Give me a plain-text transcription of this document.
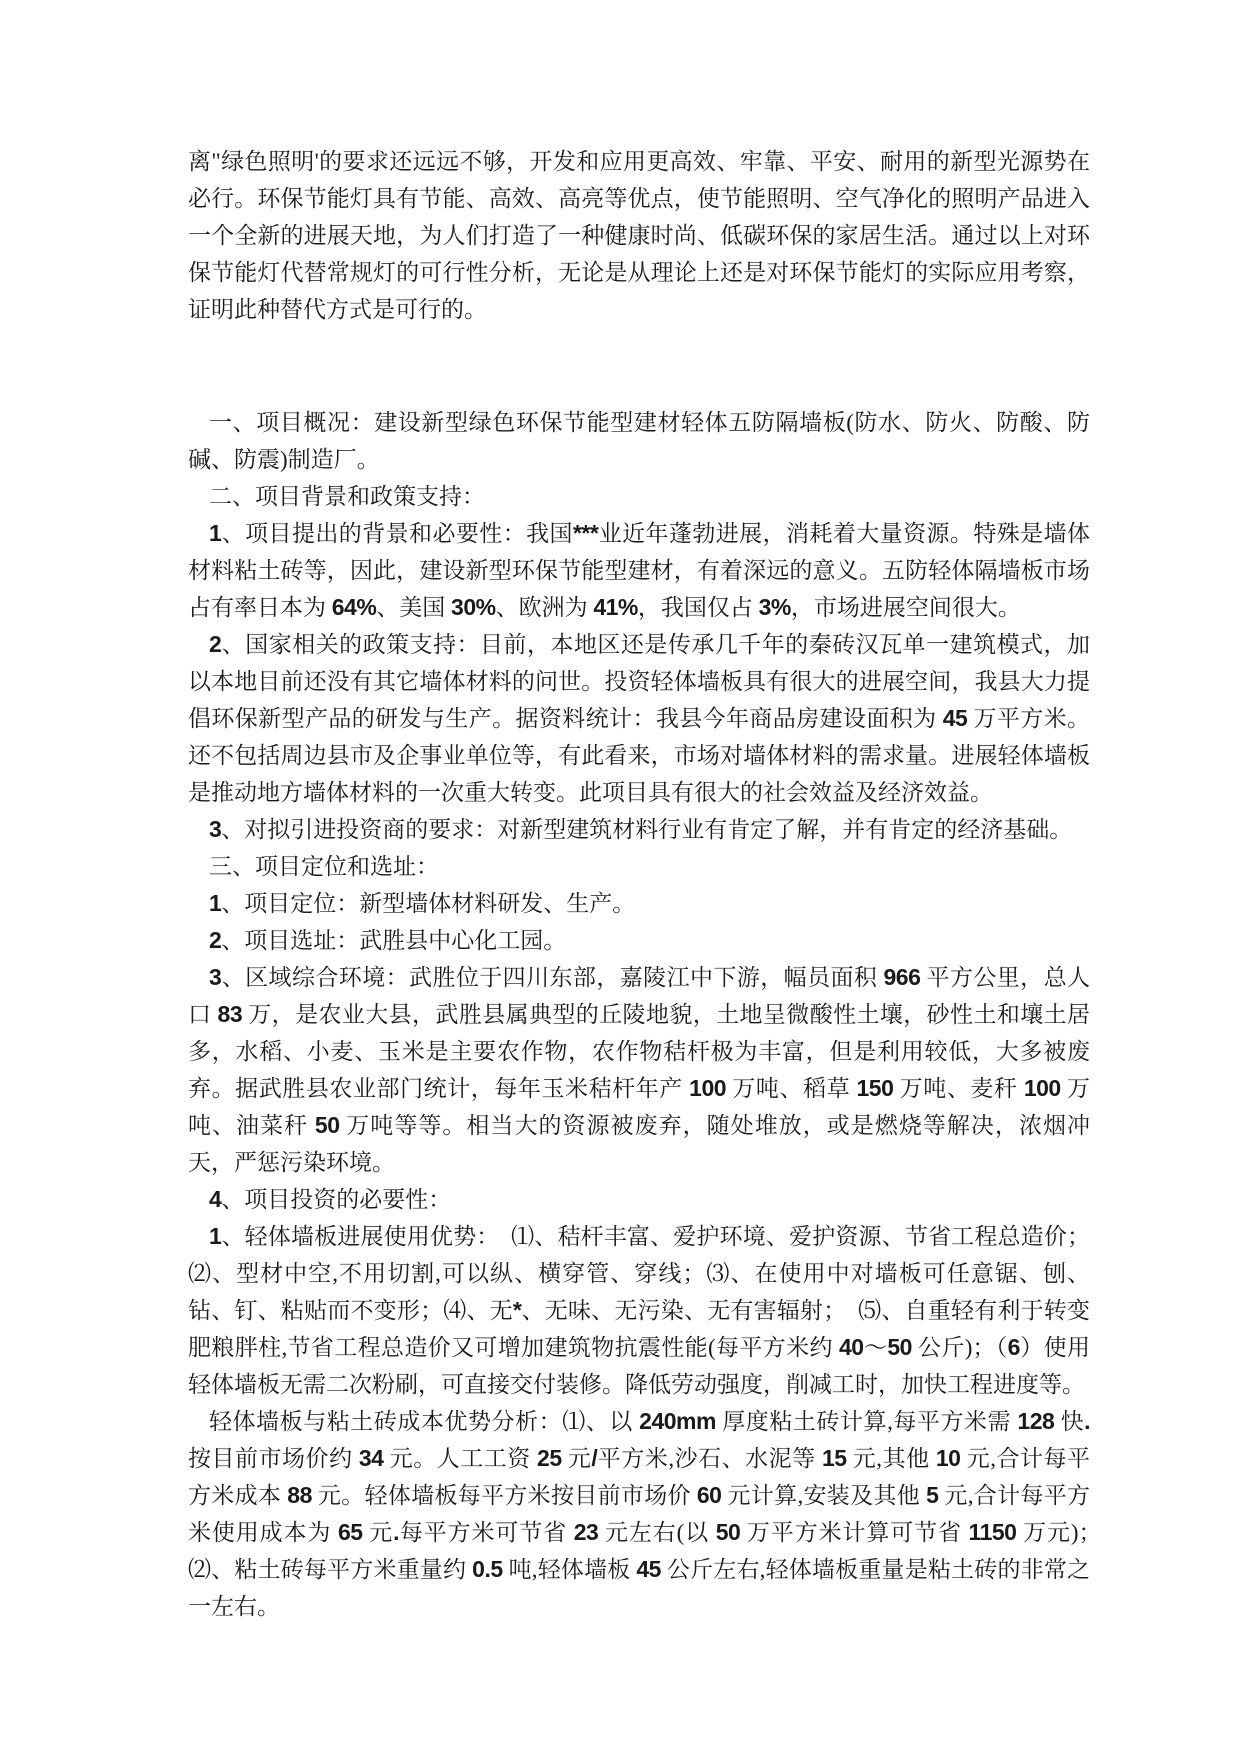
离"绿色照明'的要求还远远不够，开发和应用更高效、牢靠、平安、耐用的新型光源势在必行。环保节能灯具有节能、高效、高亮等优点，使节能照明、空气净化的照明产品进入一个全新的进展天地，为人们打造了一种健康时尚、低碳环保的家居生活。通过以上对环保节能灯代替常规灯的可行性分析，无论是从理论上还是对环保节能灯的实际应用考察，证明此种替代方式是可行的。

一、项目概况：建设新型绿色环保节能型建材轻体五防隔墙板(防水、防火、防酸、防碱、防震)制造厂。

二、项目背景和政策支持：

1、项目提出的背景和必要性：我国***业近年蓬勃进展，消耗着大量资源。特殊是墙体材料粘土砖等，因此，建设新型环保节能型建材，有着深远的意义。五防轻体隔墙板市场占有率日本为 64%、美国 30%、欧洲为 41%，我国仅占 3%，市场进展空间很大。

2、国家相关的政策支持：目前，本地区还是传承几千年的秦砖汉瓦单一建筑模式，加以本地目前还没有其它墙体材料的问世。投资轻体墙板具有很大的进展空间，我县大力提倡环保新型产品的研发与生产。据资料统计：我县今年商品房建设面积为 45 万平方米。还不包括周边县市及企事业单位等，有此看来，市场对墙体材料的需求量。进展轻体墙板是推动地方墙体材料的一次重大转变。此项目具有很大的社会效益及经济效益。

3、对拟引进投资商的要求：对新型建筑材料行业有肯定了解，并有肯定的经济基础。

三、项目定位和选址：

1、项目定位：新型墙体材料研发、生产。

2、项目选址：武胜县中心化工园。

3、区域综合环境：武胜位于四川东部，嘉陵江中下游，幅员面积 966 平方公里，总人口 83 万，是农业大县，武胜县属典型的丘陵地貌，土地呈微酸性土壤，砂性土和壤土居多，水稻、小麦、玉米是主要农作物，农作物秸杆极为丰富，但是利用较低，大多被废弃。据武胜县农业部门统计，每年玉米秸杆年产 100 万吨、稻草 150 万吨、麦秆 100 万吨、油菜秆 50 万吨等等。相当大的资源被废弃，随处堆放，或是燃烧等解决，浓烟冲天，严惩污染环境。

4、项目投资的必要性：

1、轻体墙板进展使用优势：　⑴、秸杆丰富、爱护环境、爱护资源、节省工程总造价；⑵、型材中空,不用切割,可以纵、横穿管、穿线；⑶、在使用中对墙板可任意锯、刨、钻、钉、粘贴而不变形；⑷、无*、无味、无污染、无有害辐射；　⑸、自重轻有利于转变肥粮胖柱,节省工程总造价又可增加建筑物抗震性能(每平方米约 40～50 公斤)；（6）使用轻体墙板无需二次粉刷，可直接交付装修。降低劳动强度，削减工时，加快工程进度等。

轻体墙板与粘土砖成本优势分析：⑴、以 240mm 厚度粘土砖计算,每平方米需 128 快.按目前市场价约 34 元。人工工资 25 元/平方米,沙石、水泥等 15 元,其他 10 元,合计每平方米成本 88 元。轻体墙板每平方米按目前市场价 60 元计算,安装及其他 5 元,合计每平方米使用成本为 65 元.每平方米可节省 23 元左右(以 50 万平方米计算可节省 1150 万元)；　⑵、粘土砖每平方米重量约 0.5 吨,轻体墙板 45 公斤左右,轻体墙板重量是粘土砖的非常之一左右。
